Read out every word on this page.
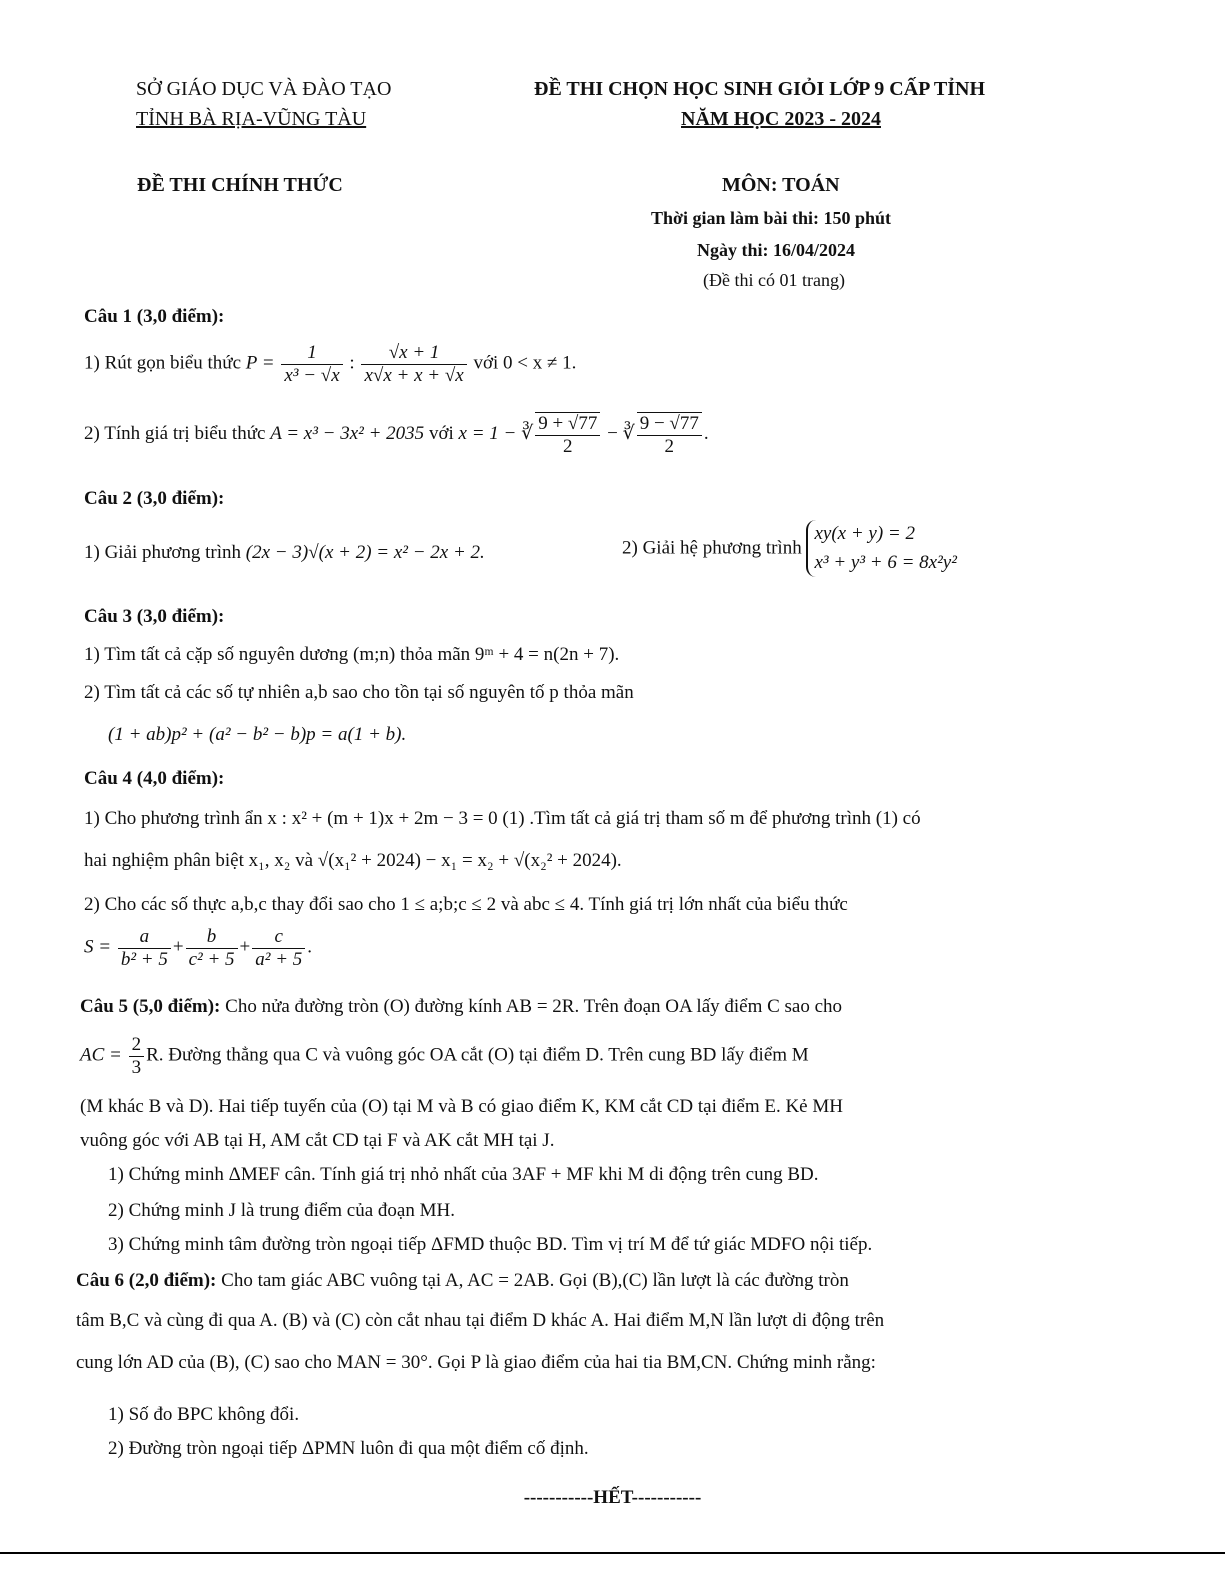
SỞ GIÁO DỤC VÀ ĐÀO TẠO
TỈNH BÀ RỊA-VŨNG TÀU
ĐỀ THI CHỌN HỌC SINH GIỎI LỚP 9 CẤP TỈNH
NĂM HỌC 2023 - 2024
ĐỀ THI CHÍNH THỨC	MÔN: TOÁN
Thời gian làm bài thi: 150 phút
Ngày thi: 16/04/2024
(Đề thi có 01 trang)
Câu 1 (3,0 điểm):
1) Rút gọn biểu thức $P = \frac{1}{\text{x³ − √x}}$ : $\frac{√x + 1}{x√x + x + √x}$ với 0 < x ≠ 1.
2) Tính giá trị biểu thức A = x³ − 3x² + 2035 với x = 1 − ∛ $\frac{9 + √77}{2}$ − ∛ $\frac{9 - √77}{2}$ .
Câu 2 (3,0 điểm):
1) Giải phương trình (2x − 3)√(x + 2) = x² − 2x + 2.	2) Giải hệ phương trình
xy(x + y) = 2
x³ + y³ + 6 = 8x²y²
Câu 3 (3,0 điểm):
1) Tìm tất cả cặp số nguyên dương (m;n) thỏa mãn 9ᵐ + 4 = n(2n + 7).
2) Tìm tất cả các số tự nhiên a,b sao cho tồn tại số nguyên tố p thỏa mãn
(1 + ab)p² + (a² − b² − b)p = a(1 + b).
Câu 4 (4,0 điểm):
1) Cho phương trình ẩn x : x² + (m + 1)x + 2m − 3 = 0 (1) .Tìm tất cả giá trị tham số m để phương trình (1) có
hai nghiệm phân biệt x₁, x₂ và √(x₁² + 2024) − x₁ = x₂ + √(x₂² + 2024).
2) Cho các số thực a,b,c thay đổi sao cho 1 ≤ a;b;c ≤ 2 và abc ≤ 4. Tính giá trị lớn nhất của biểu thức
$S = \frac{a}{\text{b² + 5}} + \frac{b}{\text{c² + 5}} + \frac{c}{\text{a² + 5}}$ .
Câu 5 (5,0 điểm): Cho nửa đường tròn (O) đường kính AB = 2R. Trên đoạn OA lấy điểm C sao cho
AC = $\frac{2}{3} R$. Đường thẳng qua C và vuông góc OA cắt (O) tại điểm D. Trên cung BD lấy điểm M
(M khác B và D). Hai tiếp tuyến của (O) tại M và B có giao điểm K, KM cắt CD tại điểm E. Kẻ MH
vuông góc với AB tại H, AM cắt CD tại F và AK cắt MH tại J.
1) Chứng minh ΔMEF cân. Tính giá trị nhỏ nhất của 3AF + MF khi M di động trên cung BD.
2) Chứng minh J là trung điểm của đoạn MH.
3) Chứng minh tâm đường tròn ngoại tiếp ΔFMD thuộc BD. Tìm vị trí M để tứ giác MDFO nội tiếp.
Câu 6 (2,0 điểm): Cho tam giác ABC vuông tại A, AC = 2AB. Gọi (B),(C) lần lượt là các đường tròn
tâm B,C và cùng đi qua A. (B) và (C) còn cắt nhau tại điểm D khác A. Hai điểm M,N lần lượt di động trên
cung lớn AD của (B), (C) sao cho MAN = 30°. Gọi P là giao điểm của hai tia BM,CN. Chứng minh rằng:
1) Số đo BPC không đổi.
2) Đường tròn ngoại tiếp ΔPMN luôn đi qua một điểm cố định.
-----------HẾT-----------
